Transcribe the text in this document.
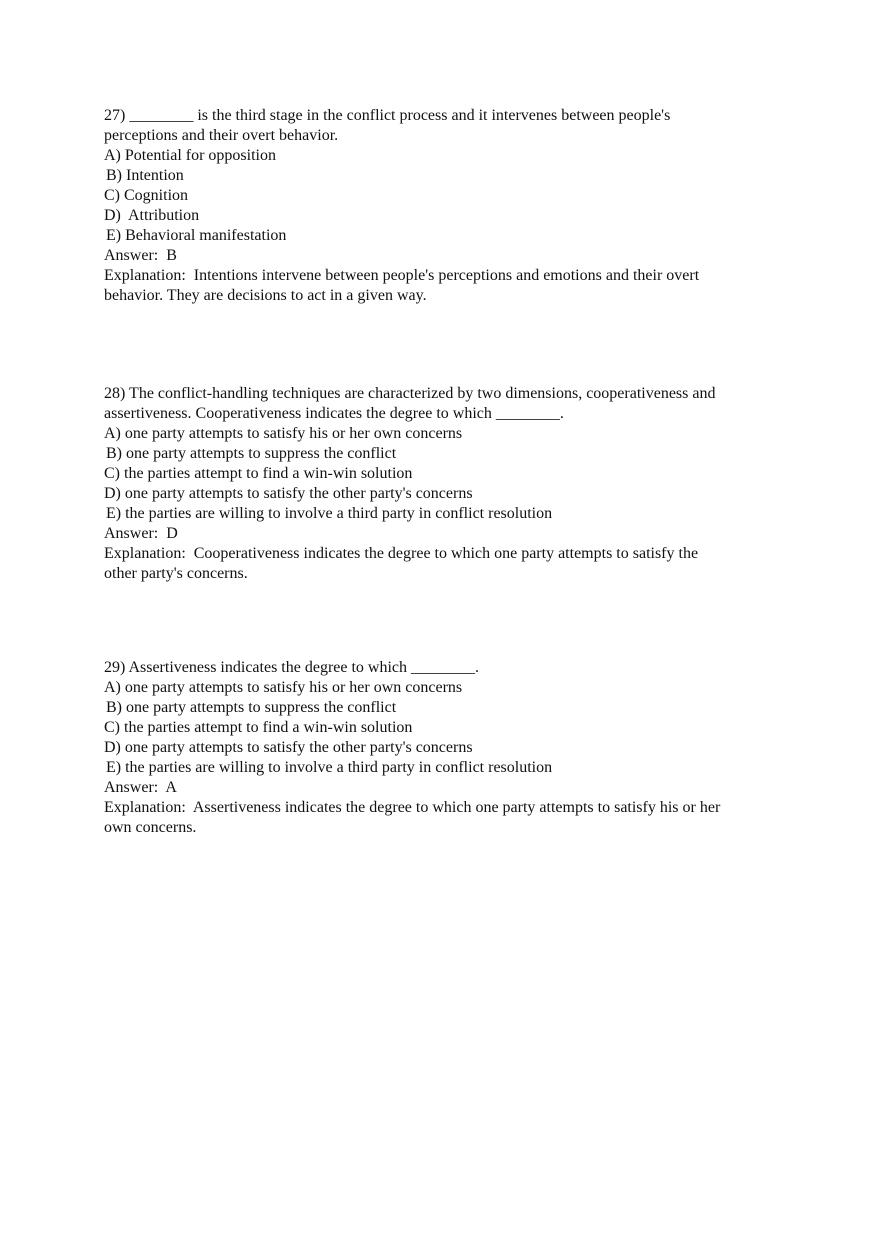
27) ________ is the third stage in the conflict process and it intervenes between people's
perceptions and their overt behavior.
A) Potential for opposition
B) Intention
C) Cognition
D)  Attribution
E) Behavioral manifestation
Answer:  B
Explanation:  Intentions intervene between people's perceptions and emotions and their overt
behavior. They are decisions to act in a given way.
28) The conflict-handling techniques are characterized by two dimensions, cooperativeness and
assertiveness. Cooperativeness indicates the degree to which ________.
A) one party attempts to satisfy his or her own concerns
B) one party attempts to suppress the conflict
C) the parties attempt to find a win-win solution
D) one party attempts to satisfy the other party's concerns
E) the parties are willing to involve a third party in conflict resolution
Answer:  D
Explanation:  Cooperativeness indicates the degree to which one party attempts to satisfy the
other party's concerns.
29) Assertiveness indicates the degree to which ________.
A) one party attempts to satisfy his or her own concerns
B) one party attempts to suppress the conflict
C) the parties attempt to find a win-win solution
D) one party attempts to satisfy the other party's concerns
E) the parties are willing to involve a third party in conflict resolution
Answer:  A
Explanation:  Assertiveness indicates the degree to which one party attempts to satisfy his or her
own concerns.
